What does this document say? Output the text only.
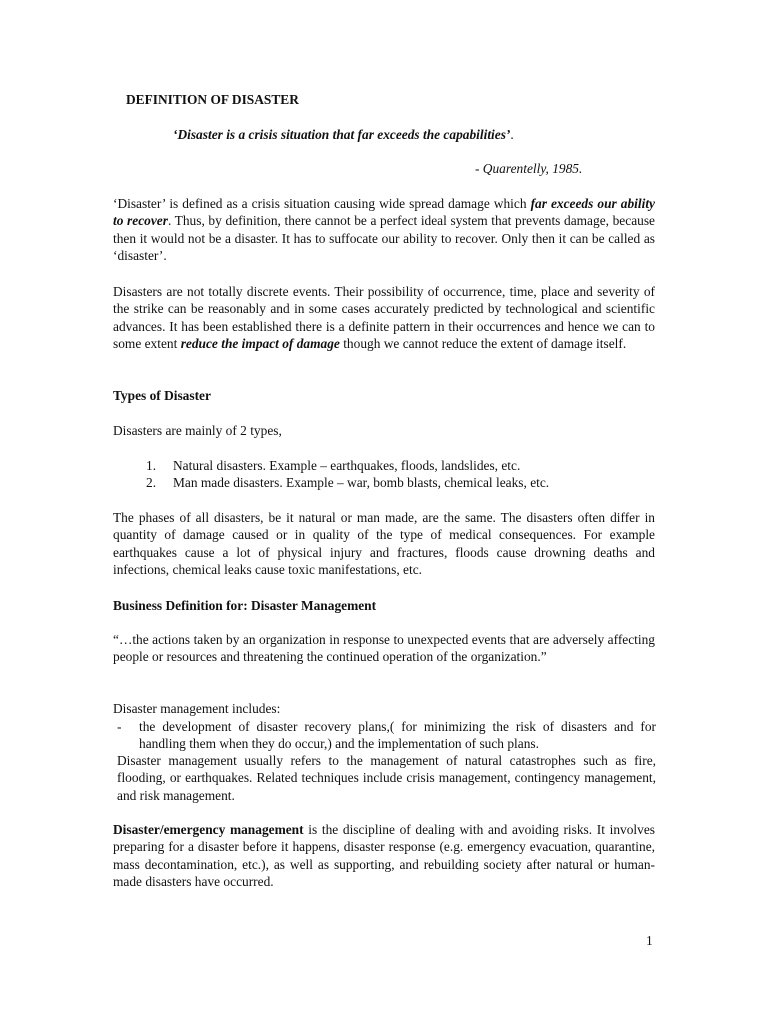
DEFINITION OF DISASTER
‘Disaster is a crisis situation that far exceeds the capabilities’.
- Quarentelly, 1985.

‘Disaster’ is defined as a crisis situation causing wide spread damage which far exceeds our ability to recover. Thus, by definition, there cannot be a perfect ideal system that prevents damage, because then it would not be a disaster. It has to suffocate our ability to recover. Only then it can be called as ‘disaster’.

Disasters are not totally discrete events. Their possibility of occurrence, time, place and severity of the strike can be reasonably and in some cases accurately predicted by technological and scientific advances. It has been established there is a definite pattern in their occurrences and hence we can to some extent reduce the impact of damage though we cannot reduce the extent of damage itself.

Types of Disaster
Disasters are mainly of 2 types,
1. Natural disasters. Example – earthquakes, floods, landslides, etc.
2. Man made disasters. Example – war, bomb blasts, chemical leaks, etc.

The phases of all disasters, be it natural or man made, are the same. The disasters often differ in quantity of damage caused or in quality of the type of medical consequences. For example earthquakes cause a lot of physical injury and fractures, floods cause drowning deaths and infections, chemical leaks cause toxic manifestations, etc.

Business Definition for: Disaster Management

“…the actions taken by an organization in response to unexpected events that are adversely affecting people or resources and threatening the continued operation of the organization.”

Disaster management includes:
- the development of disaster recovery plans,( for minimizing the risk of disasters and for handling them when they do occur,) and the implementation of such plans.

Disaster management usually refers to the management of natural catastrophes such as fire, flooding, or earthquakes. Related techniques include crisis management, contingency management, and risk management.

Disaster/emergency management is the discipline of dealing with and avoiding risks. It involves preparing for a disaster before it happens, disaster response (e.g. emergency evacuation, quarantine, mass decontamination, etc.), as well as supporting, and rebuilding society after natural or human-made disasters have occurred.

1
